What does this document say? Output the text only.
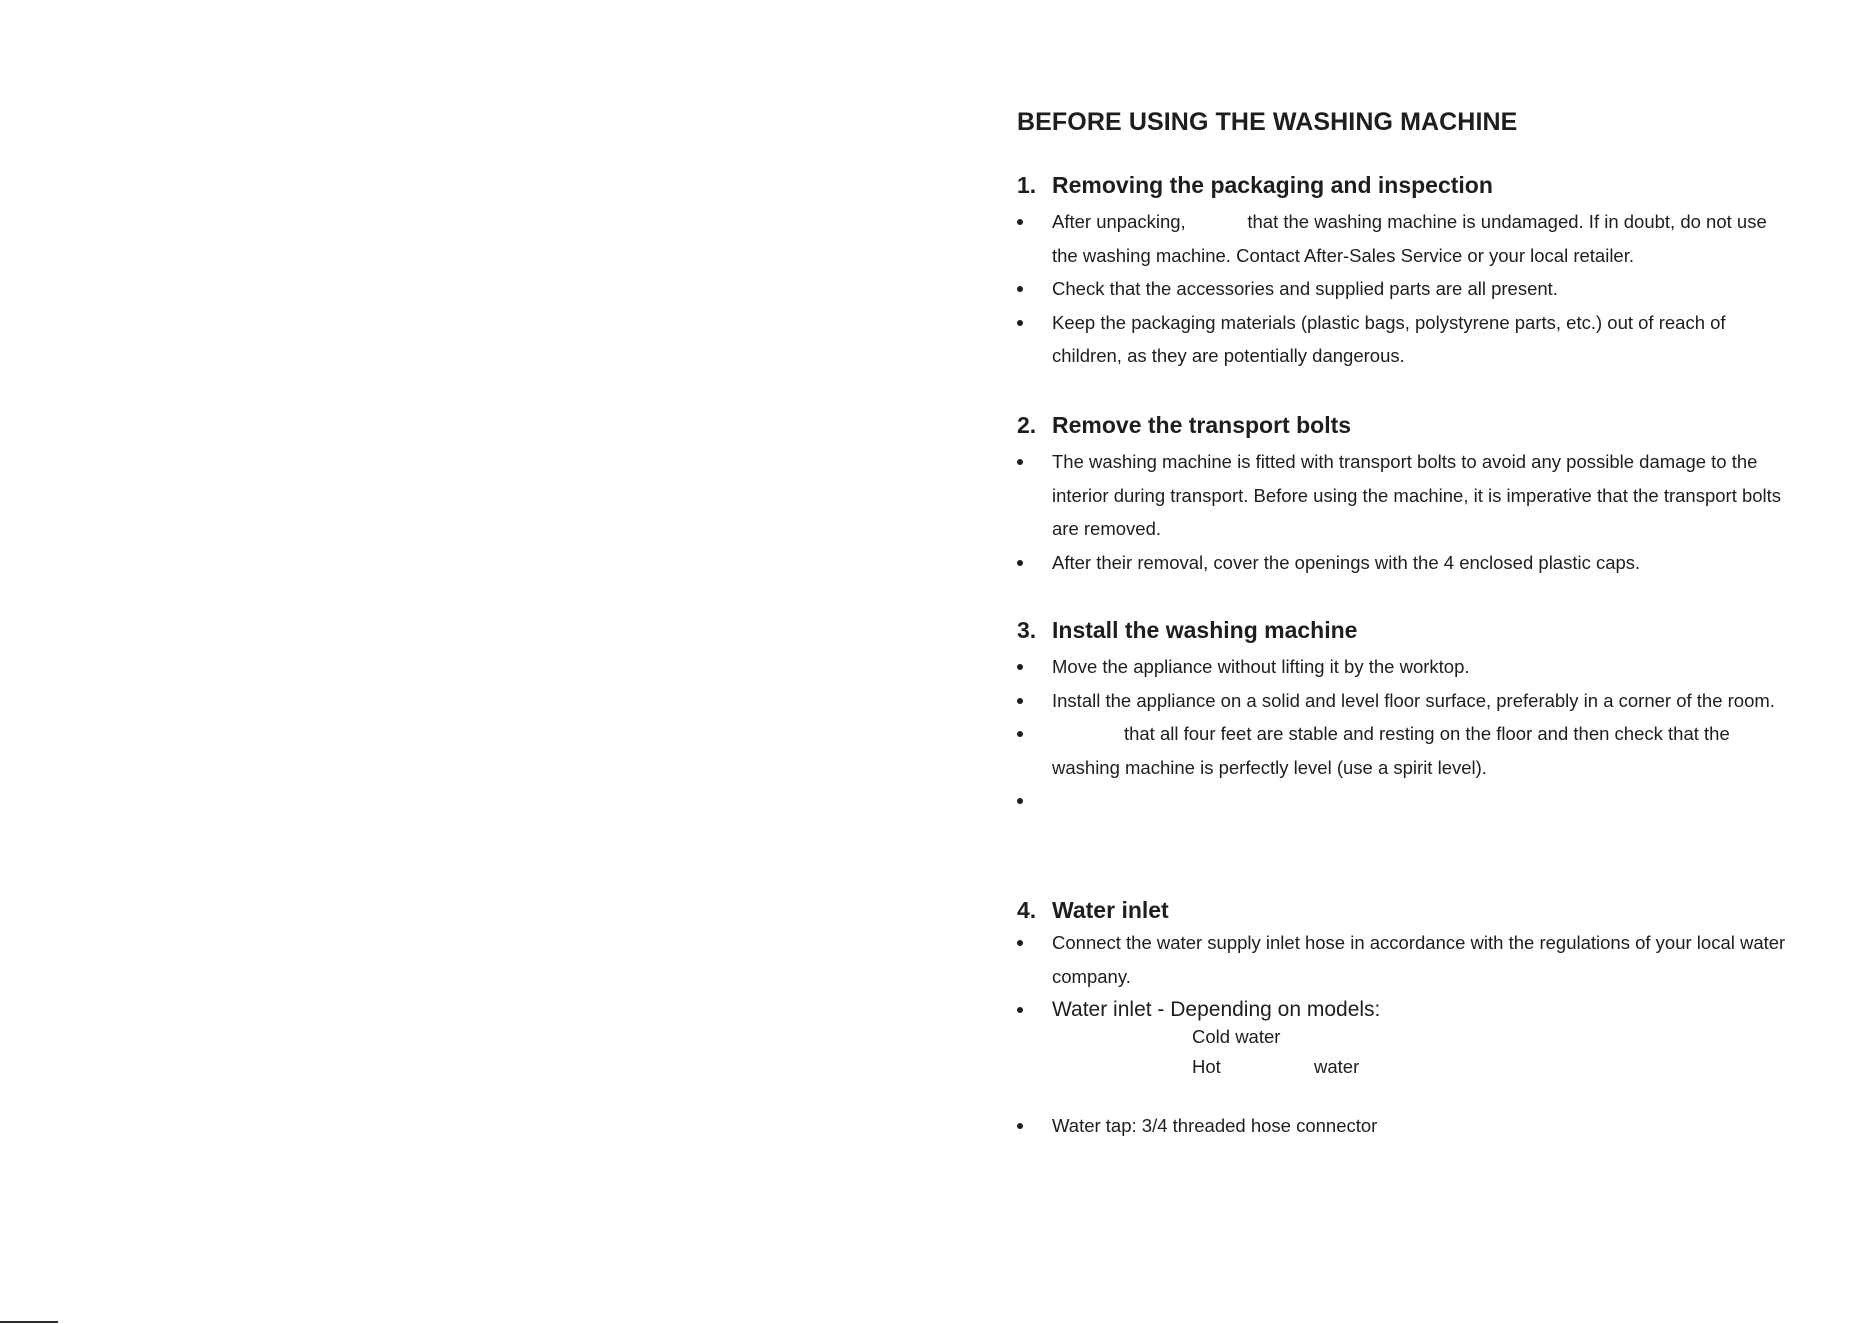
BEFORE USING THE WASHING MACHINE
1. Removing the packaging and inspection
After unpacking,            that the washing machine is undamaged. If in doubt, do not use the washing machine. Contact After-Sales Service or your local retailer.
Check that the accessories and supplied parts are all present.
Keep the packaging materials (plastic bags, polystyrene parts, etc.) out of reach of children, as they are potentially dangerous.
2. Remove the transport bolts
The washing machine is fitted with transport bolts to avoid any possible damage to the interior during transport. Before using the machine, it is imperative that the transport bolts are removed.
After their removal, cover the openings with the 4 enclosed plastic caps.
3. Install the washing machine
Move the appliance without lifting it by the worktop.
Install the appliance on a solid and level floor surface, preferably in a corner of the room.
that all four feet are stable and resting on the floor and then check that the washing machine is perfectly level (use a spirit level).
4. Water inlet
Connect the water supply inlet hose in accordance with the regulations of your local water company.
Water inlet - Depending on models:
Water tap: 3/4 threaded hose connector
Cold water
Hot	water
